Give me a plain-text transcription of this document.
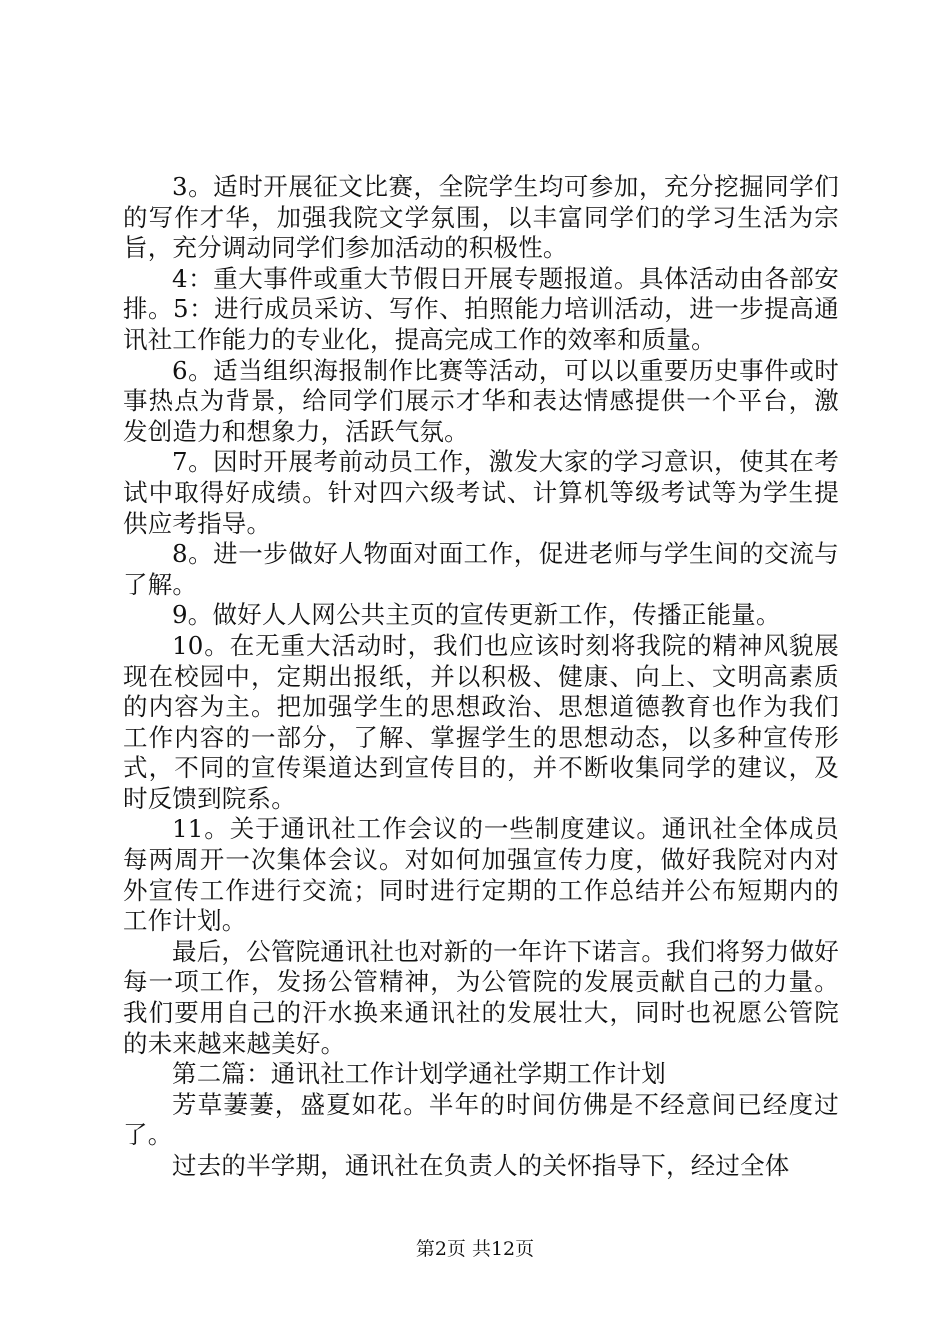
3。适时开展征文比赛，全院学生均可参加，充分挖掘同学们的写作才华，加强我院文学氛围，以丰富同学们的学习生活为宗旨，充分调动同学们参加活动的积极性。

4：重大事件或重大节假日开展专题报道。具体活动由各部安排。5：进行成员采访、写作、拍照能力培训活动，进一步提高通讯社工作能力的专业化，提高完成工作的效率和质量。

6。适当组织海报制作比赛等活动，可以以重要历史事件或时事热点为背景，给同学们展示才华和表达情感提供一个平台，激发创造力和想象力，活跃气氛。

7。因时开展考前动员工作，激发大家的学习意识，使其在考试中取得好成绩。针对四六级考试、计算机等级考试等为学生提供应考指导。

8。进一步做好人物面对面工作，促进老师与学生间的交流与了解。

9。做好人人网公共主页的宣传更新工作，传播正能量。

10。在无重大活动时，我们也应该时刻将我院的精神风貌展现在校园中，定期出报纸，并以积极、健康、向上、文明高素质的内容为主。把加强学生的思想政治、思想道德教育也作为我们工作内容的一部分，了解、掌握学生的思想动态，以多种宣传形式，不同的宣传渠道达到宣传目的，并不断收集同学的建议，及时反馈到院系。

11。关于通讯社工作会议的一些制度建议。通讯社全体成员每两周开一次集体会议。对如何加强宣传力度，做好我院对内对外宣传工作进行交流；同时进行定期的工作总结并公布短期内的工作计划。

最后，公管院通讯社也对新的一年许下诺言。我们将努力做好每一项工作，发扬公管精神，为公管院的发展贡献自己的力量。我们要用自己的汗水换来通讯社的发展壮大，同时也祝愿公管院的未来越来越美好。

第二篇：通讯社工作计划学通社学期工作计划

芳草萋萋，盛夏如花。半年的时间仿佛是不经意间已经度过了。

过去的半学期，通讯社在负责人的关怀指导下，经过全体

第2页 共12页
